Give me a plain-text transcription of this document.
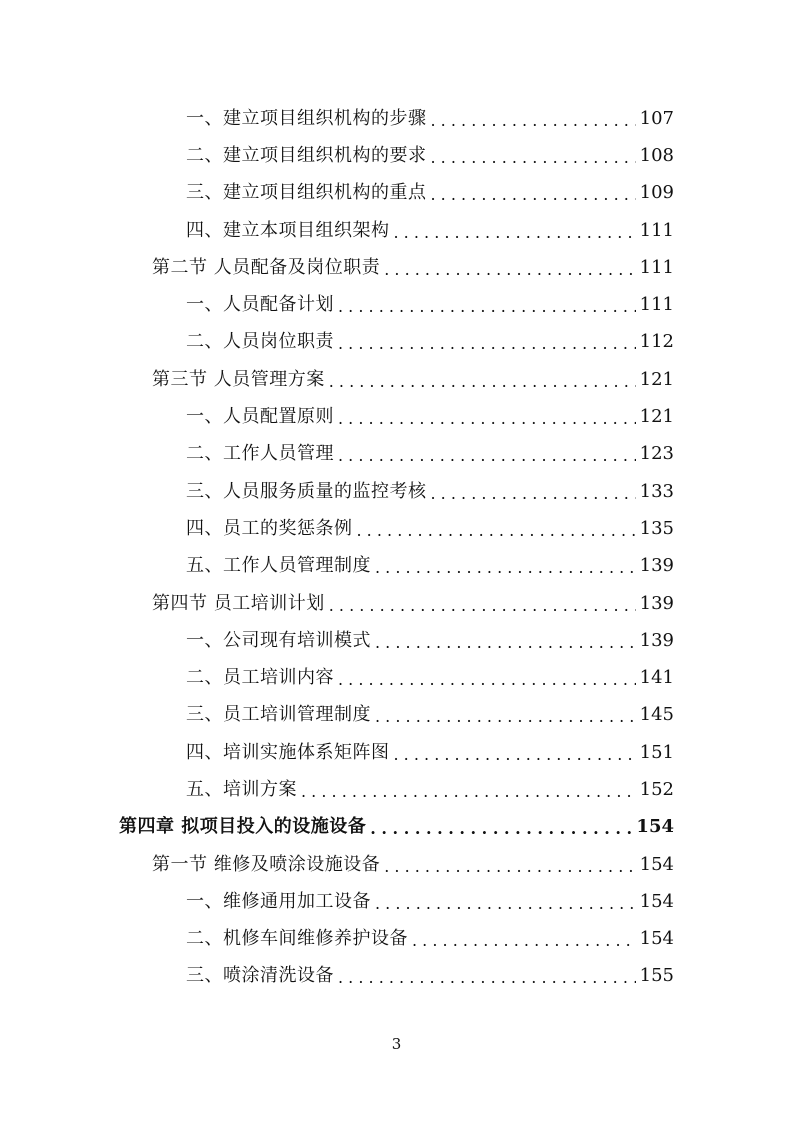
一、建立项目组织机构的步骤 . . .	107
二、建立项目组织机构的要求 . . .	108
三、建立项目组织机构的重点 . . .	109
四、建立本项目组织架构 . . .	111
第二节 人员配备及岗位职责 . . .	111
一、人员配备计划 . . .	111
二、人员岗位职责 . . .	112
第三节 人员管理方案 . . .	121
一、人员配置原则 . . .	121
二、工作人员管理 . . .	123
三、人员服务质量的监控考核 . . .	133
四、员工的奖惩条例 . . .	135
五、工作人员管理制度 . . .	139
第四节 员工培训计划 . . .	139
一、公司现有培训模式 . . .	139
二、员工培训内容 . . .	141
三、员工培训管理制度 . . .	145
四、培训实施体系矩阵图 . . .	151
五、培训方案 . . .	152
第四章 拟项目投入的设施设备 . . .	154
第一节 维修及喷涂设施设备 . . .	154
一、维修通用加工设备 . . .	154
二、机修车间维修养护设备 . . .	154
三、喷涂清洗设备 . . .	155
3
